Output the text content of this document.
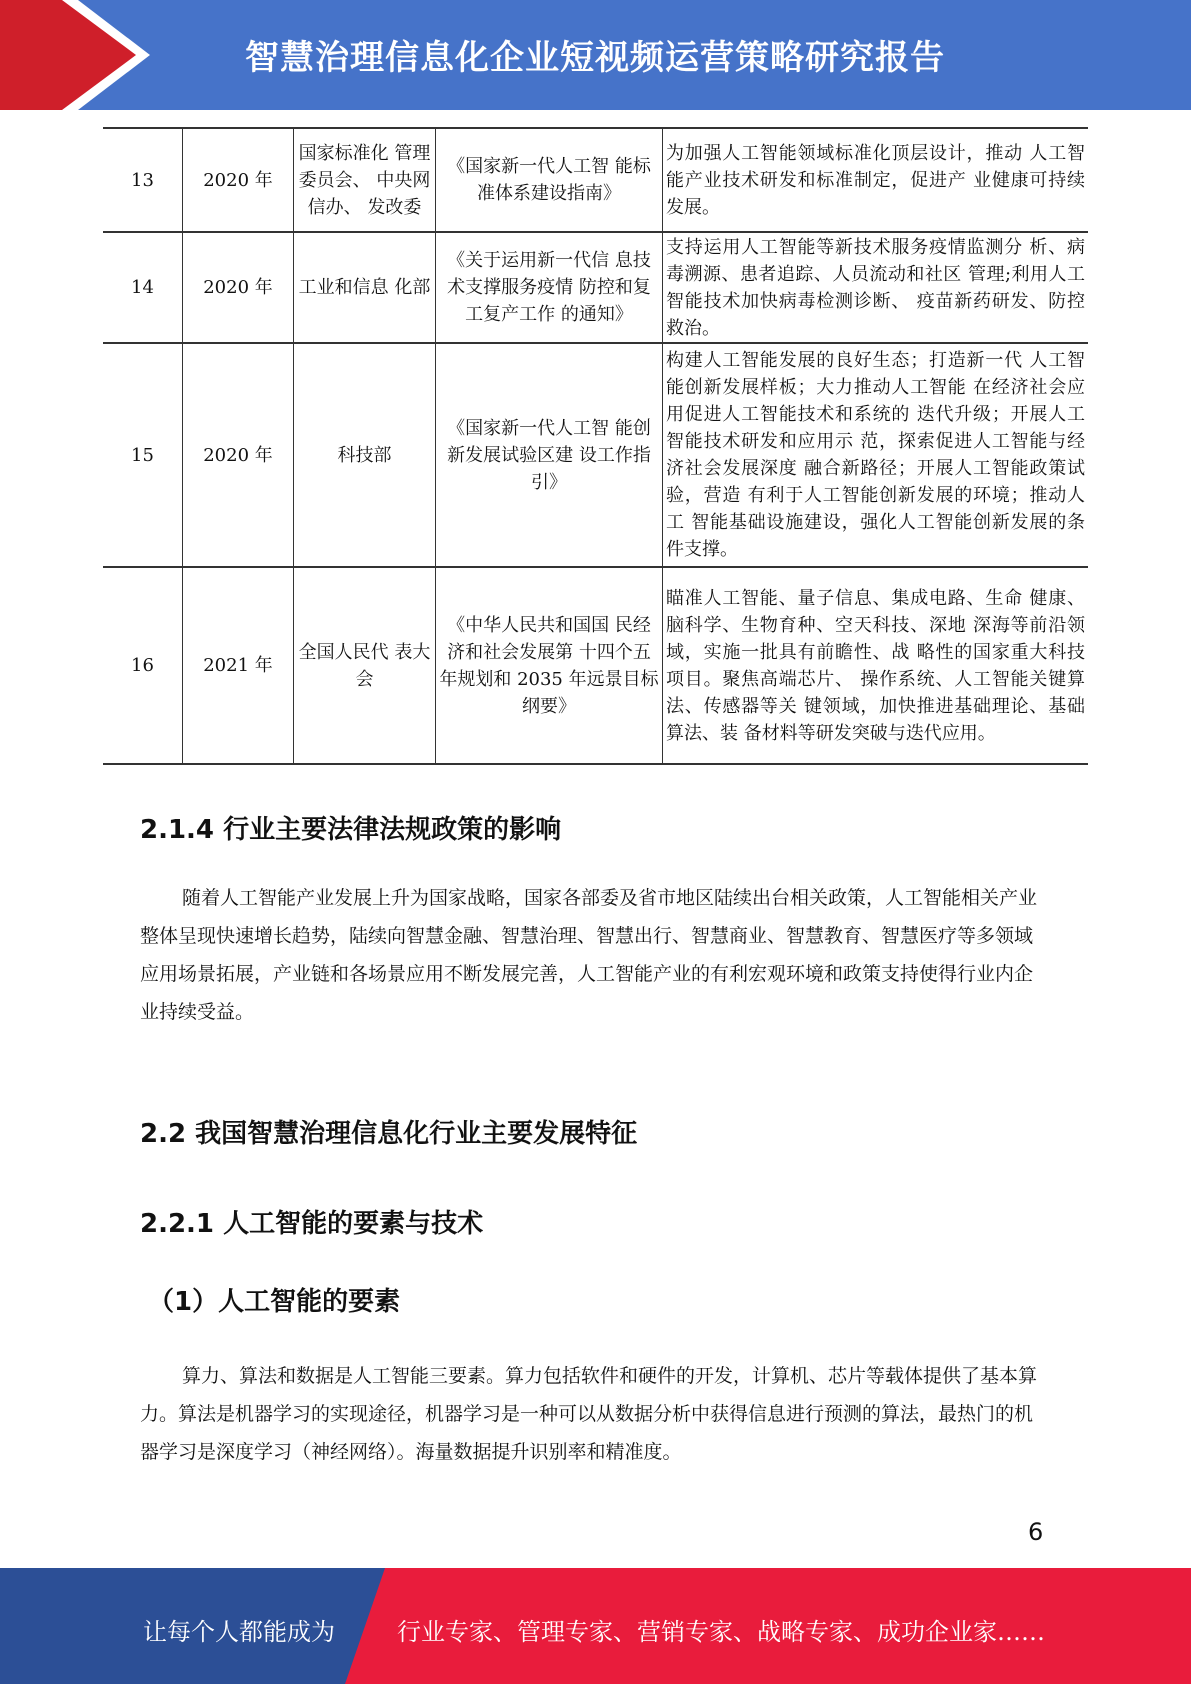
智慧治理信息化企业短视频运营策略研究报告
13	2020 年	国家标准化 管理委员会、 中央网信办、 发改委	《国家新一代人工智 能标准体系建设指南》	为加强人工智能领域标准化顶层设计，推动 人工智能产业技术研发和标准制定，促进产 业健康可持续发展。
14	2020 年	工业和信息 化部	《关于运用新一代信 息技术支撑服务疫情 防控和复工复产工作 的通知》	支持运用人工智能等新技术服务疫情监测分 析、病毒溯源、患者追踪、人员流动和社区 管理;利用人工智能技术加快病毒检测诊断、 疫苗新药研发、防控救治。
15	2020 年	科技部	《国家新一代人工智 能创新发展试验区建 设工作指引》	构建人工智能发展的良好生态；打造新一代 人工智能创新发展样板；大力推动人工智能 在经济社会应用促进人工智能技术和系统的 迭代升级；开展人工智能技术研发和应用示 范，探索促进人工智能与经济社会发展深度 融合新路径；开展人工智能政策试验，营造 有利于人工智能创新发展的环境；推动人工 智能基础设施建设，强化人工智能创新发展的条件支撑。
16	2021 年	全国人民代 表大会	《中华人民共和国国 民经济和社会发展第 十四个五年规划和 2035 年远景目标纲要》	瞄准人工智能、量子信息、集成电路、生命 健康、脑科学、生物育种、空天科技、深地 深海等前沿领域，实施一批具有前瞻性、战 略性的国家重大科技项目。聚焦高端芯片、 操作系统、人工智能关键算法、传感器等关 键领域，加快推进基础理论、基础算法、装 备材料等研发突破与迭代应用。
2.1.4 行业主要法律法规政策的影响

随着人工智能产业发展上升为国家战略，国家各部委及省市地区陆续出台相关政策，人工智能相关产业整体呈现快速增长趋势，陆续向智慧金融、智慧治理、智慧出行、智慧商业、智慧教育、智慧医疗等多领域应用场景拓展，产业链和各场景应用不断发展完善，人工智能产业的有利宏观环境和政策支持使得行业内企业持续受益。

2.2 我国智慧治理信息化行业主要发展特征
2.2.1 人工智能的要素与技术
（1）人工智能的要素

算力、算法和数据是人工智能三要素。算力包括软件和硬件的开发，计算机、芯片等载体提供了基本算力。算法是机器学习的实现途径，机器学习是一种可以从数据分析中获得信息进行预测的算法，最热门的机器学习是深度学习（神经网络）。海量数据提升识别率和精准度。

6
让每个人都能成为	行业专家、管理专家、营销专家、战略专家、成功企业家……
